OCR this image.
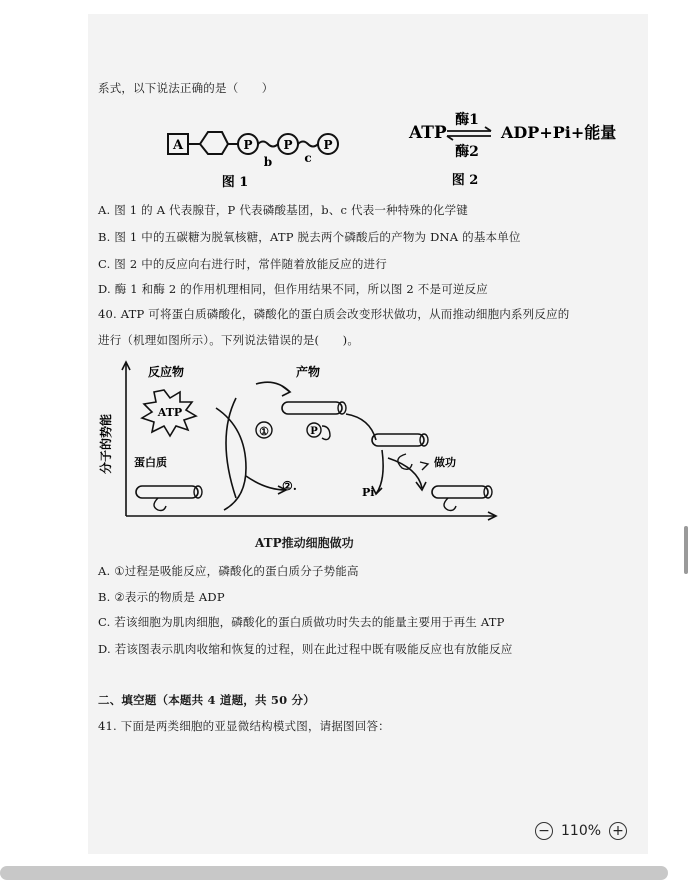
系式，以下说法正确的是（　　）
A	P	P	P
b	c
图 1
ATP
酶1
酶2
ADP+Pi+能量
图 2
A. 图 1 的 A 代表腺苷，P 代表磷酸基团，b、c 代表一种特殊的化学键
B. 图 1 中的五碳糖为脱氧核糖，ATP 脱去两个磷酸后的产物为 DNA 的基本单位
C. 图 2 中的反应向右进行时，常伴随着放能反应的进行
D. 酶 1 和酶 2 的作用机理相同，但作用结果不同，所以图 2 不是可逆反应
40. ATP 可将蛋白质磷酸化，磷酸化的蛋白质会改变形状做功，从而推动细胞内系列反应的
进行（机理如图所示）。下列说法错误的是(　　)。
分子的势能
反应物	产物
ATP
蛋白质
①
②.
P
做功
Pi
ATP推动细胞做功
A. ①过程是吸能反应，磷酸化的蛋白质分子势能高
B. ②表示的物质是 ADP
C. 若该细胞为肌肉细胞，磷酸化的蛋白质做功时失去的能量主要用于再生 ATP
D. 若该图表示肌肉收缩和恢复的过程，则在此过程中既有吸能反应也有放能反应
二、填空题（本题共 4 道题，共 50 分）
41. 下面是两类细胞的亚显微结构模式图，请据图回答：
− 110% +
